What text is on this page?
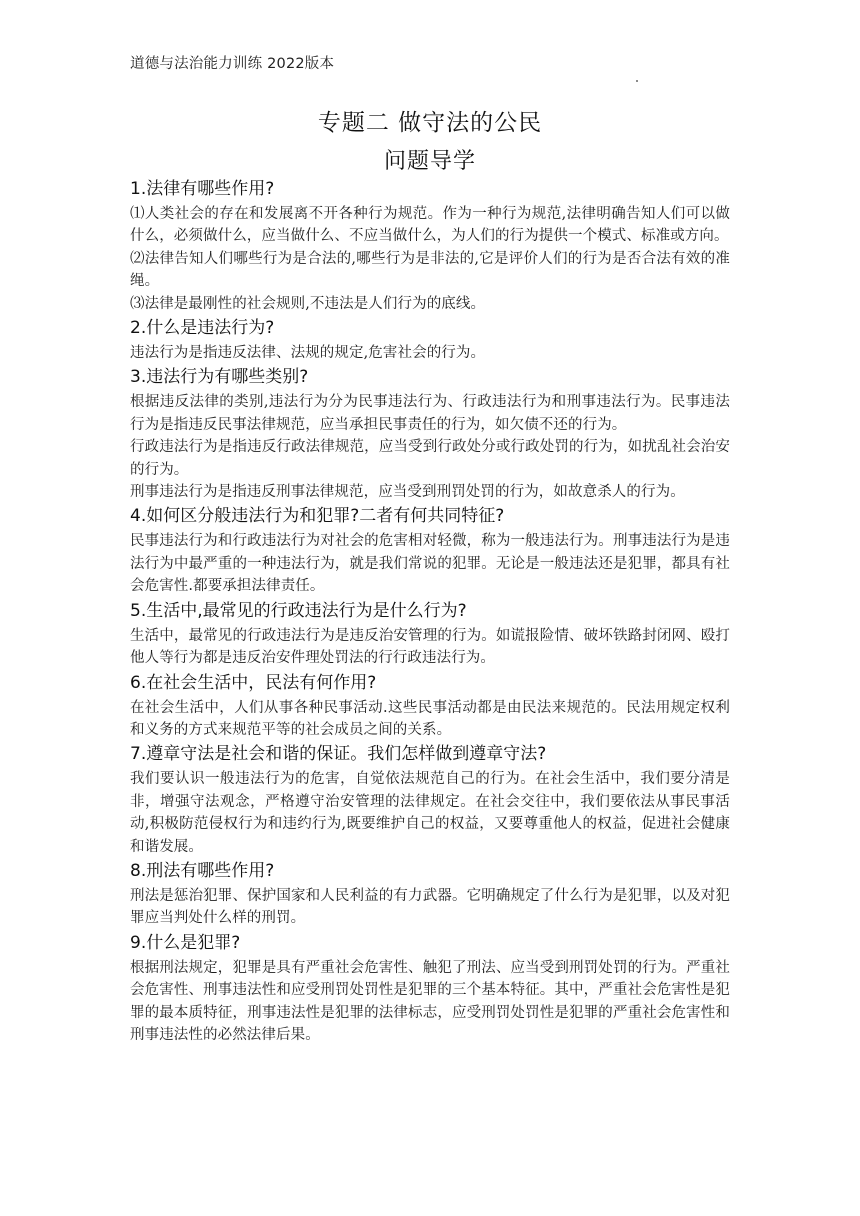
道德与法治能力训练 2022版本
专题二 做守法的公民
问题导学

1.法律有哪些作用?

⑴人类社会的存在和发展离不开各种行为规范。作为一种行为规范,法律明确告知人们可以做什么，必须做什么，应当做什么、不应当做什么，为人们的行为提供一个模式、标准或方向。

⑵法律告知人们哪些行为是合法的,哪些行为是非法的,它是评价人们的行为是否合法有效的准绳。

⑶法律是最刚性的社会规则,不违法是人们行为的底线。

2.什么是违法行为?

违法行为是指违反法律、法规的规定,危害社会的行为。

3.违法行为有哪些类别?

根据违反法律的类别,违法行为分为民事违法行为、行政违法行为和刑事违法行为。民事违法行为是指违反民事法律规范，应当承担民事责任的行为，如欠债不还的行为。

行政违法行为是指违反行政法律规范，应当受到行政处分或行政处罚的行为，如扰乱社会治安的行为。

刑事违法行为是指违反刑事法律规范，应当受到刑罚处罚的行为，如故意杀人的行为。

4.如何区分般违法行为和犯罪?二者有何共同特征?

民事违法行为和行政违法行为对社会的危害相对轻微，称为一般违法行为。刑事违法行为是违法行为中最严重的一种违法行为，就是我们常说的犯罪。无论是一般违法还是犯罪，都具有社会危害性.都要承担法律责任。

5.生活中,最常见的行政违法行为是什么行为?

生活中，最常见的行政违法行为是违反治安管理的行为。如谎报险情、破坏铁路封闭网、殴打他人等行为都是违反治安件理处罚法的行行政违法行为。

6.在社会生活中，民法有何作用?

在社会生活中，人们从事各种民事活动.这些民事活动都是由民法来规范的。民法用规定权利和义务的方式来规范平等的社会成员之间的关系。

7.遵章守法是社会和谐的保证。我们怎样做到遵章守法?

我们要认识一般违法行为的危害，自觉依法规范自己的行为。在社会生活中，我们要分清是非，增强守法观念，严格遵守治安管理的法律规定。在社会交往中，我们要依法从事民事活动,积极防范侵权行为和违约行为,既要维护自己的权益，又要尊重他人的权益，促进社会健康和谐发展。

8.刑法有哪些作用?

刑法是惩治犯罪、保护国家和人民利益的有力武器。它明确规定了什么行为是犯罪，以及对犯罪应当判处什么样的刑罚。

9.什么是犯罪?

根据刑法规定，犯罪是具有严重社会危害性、触犯了刑法、应当受到刑罚处罚的行为。严重社会危害性、刑事违法性和应受刑罚处罚性是犯罪的三个基本特征。其中，严重社会危害性是犯罪的最本质特征，刑事违法性是犯罪的法律标志，应受刑罚处罚性是犯罪的严重社会危害性和刑事违法性的必然法律后果。
